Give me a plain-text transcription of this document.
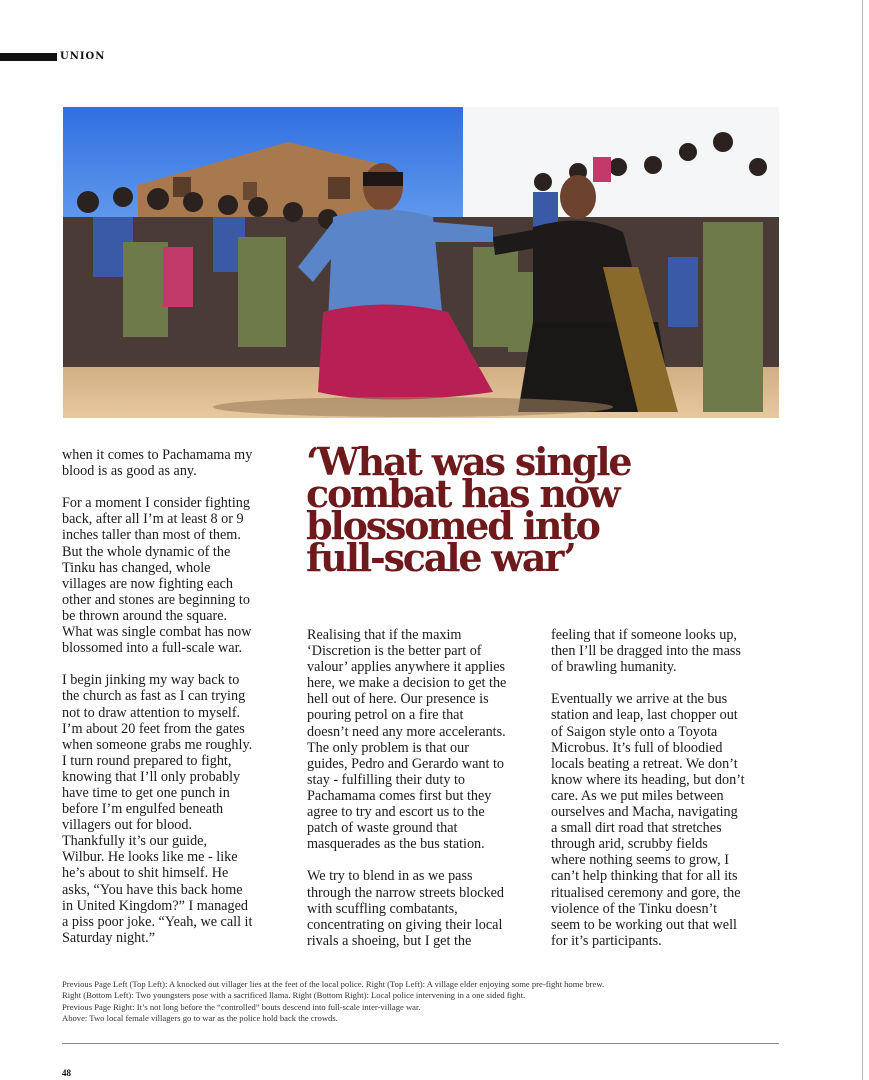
UNION

when it comes to Pachamama my
blood is as good as any.

For a moment I consider fighting
back, after all I’m at least 8 or 9
inches taller than most of them.
But the whole dynamic of the
Tinku has changed, whole
villages are now fighting each
other and stones are beginning to
be thrown around the square.
What was single combat has now
blossomed into a full-scale war.

I begin jinking my way back to
the church as fast as I can trying
not to draw attention to myself.
I’m about 20 feet from the gates
when someone grabs me roughly.
I turn round prepared to fight,
knowing that I’ll only probably
have time to get one punch in
before I’m engulfed beneath
villagers out for blood.
Thankfully it’s our guide,
Wilbur. He looks like me - like
he’s about to shit himself. He
asks, “You have this back home
in United Kingdom?” I managed
a piss poor joke. “Yeah, we call it
Saturday night.”

‘What was single
combat has now
blossomed into
full-scale war’

Realising that if the maxim
‘Discretion is the better part of
valour’ applies anywhere it applies
here, we make a decision to get the
hell out of here. Our presence is
pouring petrol on a fire that
doesn’t need any more accelerants.
The only problem is that our
guides, Pedro and Gerardo want to
stay - fulfilling their duty to
Pachamama comes first but they
agree to try and escort us to the
patch of waste ground that
masquerades as the bus station.

We try to blend in as we pass
through the narrow streets blocked
with scuffling combatants,
concentrating on giving their local
rivals a shoeing, but I get the

feeling that if someone looks up,
then I’ll be dragged into the mass
of brawling humanity.

Eventually we arrive at the bus
station and leap, last chopper out
of Saigon style onto a Toyota
Microbus. It’s full of bloodied
locals beating a retreat. We don’t
know where its heading, but don’t
care. As we put miles between
ourselves and Macha, navigating
a small dirt road that stretches
through arid, scrubby fields
where nothing seems to grow, I
can’t help thinking that for all its
ritualised ceremony and gore, the
violence of the Tinku doesn’t
seem to be working out that well
for it’s participants.

Previous Page Left (Top Left): A knocked out villager lies at the feet of the local police. Right (Top Left): A village elder enjoying some pre-fight home brew.

Right (Bottom Left): Two youngsters pose with a sacrificed llama. Right (Bottom Right): Local police intervening in a one sided fight.

Previous Page Right: It’s not long before the “controlled” bouts descend into full-scale inter-village war.

Above: Two local female villagers go to war as the police hold back the crowds.

48
